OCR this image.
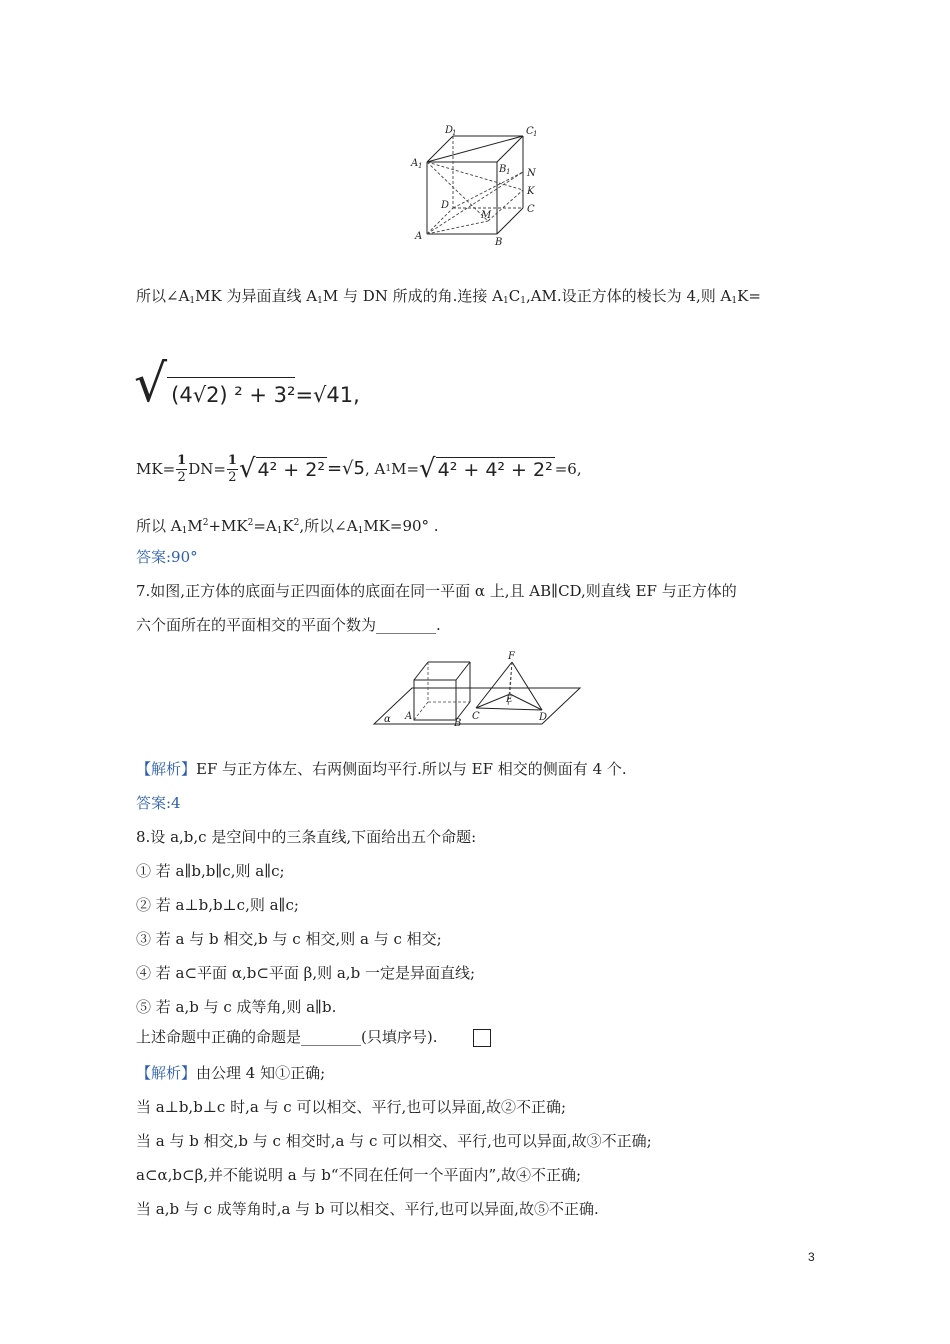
D
1	C 1
A 1	B 1 N
K
C
D
M
A
B
所以$\angle A_1MK$ 为异面直线 $A_1M$ 与 DN 所成的角.连接 $A_1C_1,AM$.设正方体的棱长为 4,则 $A_1K=$
√ (4√2) ² + 3² =√41,
$MK= \frac{1}{2} DN= \frac{1}{2}$ √ 4² + 2² =√5 , A 1 M= √ 4² + 4² + 2² =6,
所以 $A_1M^2+MK^2=A_1K^2$,所以$\angle A_1MK=90^\circ$ .
答案:90°
7.如图,正方体的底面与正四面体的底面在同一平面 α 上,且 AB∥CD,则直线 EF 与正方体的
六个面所在的平面相交的平面个数为________.
F
E
C	D
A
B
α
【解析】EF 与正方体左、右两侧面均平行.所以与 EF 相交的侧面有 4 个.
答案:4
8.设 a,b,c 是空间中的三条直线,下面给出五个命题:
① 若 a∥b,b∥c,则 a∥c;
② 若 a⊥b,b⊥c,则 a∥c;
③ 若 a 与 b 相交,b 与 c 相交,则 a 与 c 相交;
④ 若 a⊂平面 α,b⊂平面 β,则 a,b 一定是异面直线;
⑤ 若 a,b 与 c 成等角,则 a∥b.
上述命题中正确的命题是________(只填序号).
【解析】由公理 4 知①正确;
当 a⊥b,b⊥c 时,a 与 c 可以相交、平行,也可以异面,故②不正确;
当 a 与 b 相交,b 与 c 相交时,a 与 c 可以相交、平行,也可以异面,故③不正确;
a⊂α,b⊂β,并不能说明 a 与 b“不同在任何一个平面内”,故④不正确;
当 a,b 与 c 成等角时,a 与 b 可以相交、平行,也可以异面,故⑤不正确.
3
